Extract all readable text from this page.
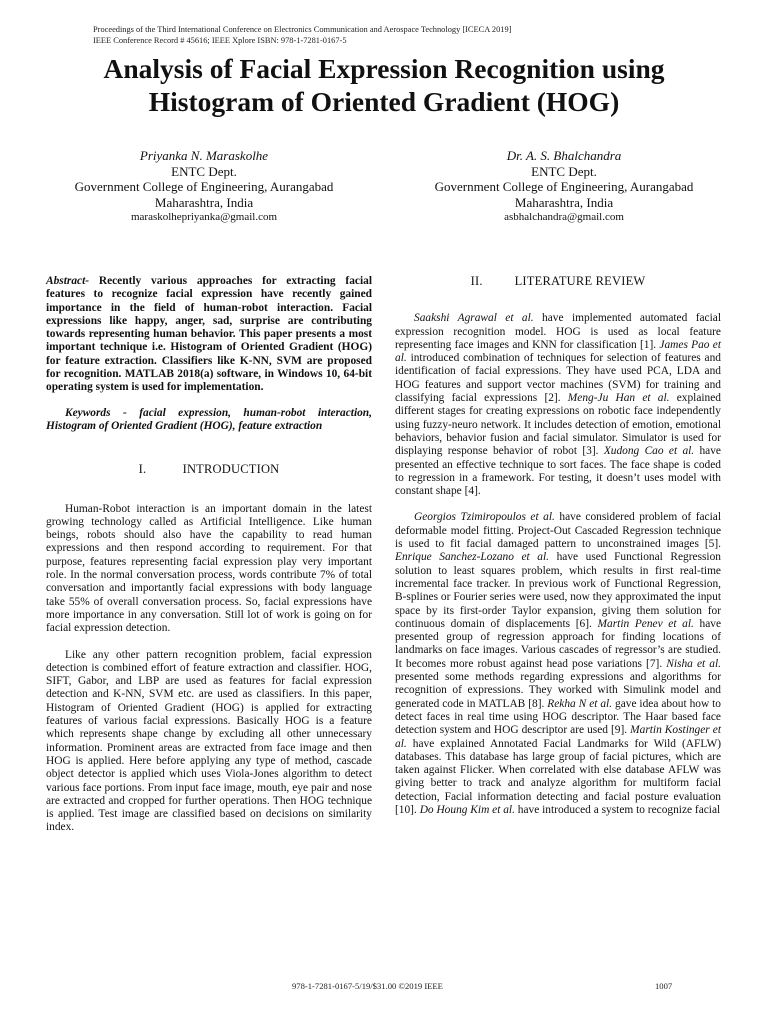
Proceedings of the Third International Conference on Electronics Communication and Aerospace Technology [ICECA 2019]
IEEE Conference Record # 45616; IEEE Xplore ISBN: 978-1-7281-0167-5
Analysis of Facial Expression Recognition using
Histogram of Oriented Gradient (HOG)
Priyanka N. Maraskolhe
ENTC Dept.
Government College of Engineering, Aurangabad
Maharashtra, India
maraskolhepriyanka@gmail.com
Dr. A. S. Bhalchandra
ENTC Dept.
Government College of Engineering, Aurangabad
Maharashtra, India
asbhalchandra@gmail.com

Abstract- Recently various approaches for extracting facial features to recognize facial expression have recently gained importance in the field of human-robot interaction. Facial expressions like happy, anger, sad, surprise are contributing towards representing human behavior. This paper presents a most important technique i.e. Histogram of Oriented Gradient (HOG) for feature extraction. Classifiers like K-NN, SVM are proposed for recognition. MATLAB 2018(a) software, in Windows 10, 64-bit operating system is used for implementation.

Keywords - facial expression, human-robot interaction, Histogram of Oriented Gradient (HOG), feature extraction

I.	INTRODUCTION

Human-Robot interaction is an important domain in the latest growing technology called as Artificial Intelligence. Like human beings, robots should also have the capability to read human expressions and then respond according to requirement. For that purpose, features representing facial expression play very important role. In the normal conversation process, words contribute 7% of total conversation and importantly facial expressions with body language take 55% of overall conversation process. So, facial expressions have more importance in any conversation. Still lot of work is going on for facial expression detection.

Like any other pattern recognition problem, facial expression detection is combined effort of feature extraction and classifier. HOG, SIFT, Gabor, and LBP are used as features for facial expression detection and K-NN, SVM etc. are used as classifiers. In this paper, Histogram of Oriented Gradient (HOG) is applied for extracting features of various facial expressions. Basically HOG is a feature which represents shape change by excluding all other unnecessary information. Prominent areas are extracted from face image and then HOG is applied. Here before applying any type of method, cascade object detector is applied which uses Viola-Jones algorithm to detect various face portions. From input face image, mouth, eye pair and nose are extracted and cropped for further operations. Then HOG technique is applied. Test image are classified based on decisions on similarity index.

II.	LITERATURE REVIEW

Saakshi Agrawal et al. have implemented automated facial expression recognition model. HOG is used as local feature representing face images and KNN for classification [1]. James Pao et al. introduced combination of techniques for selection of features and identification of facial expressions. They have used PCA, LDA and HOG features and support vector machines (SVM) for training and classifying facial expressions [2]. Meng-Ju Han et al. explained different stages for creating expressions on robotic face independently using fuzzy-neuro network. It includes detection of emotion, emotional behaviors, behavior fusion and facial simulator. Simulator is used for displaying response behavior of robot [3]. Xudong Cao et al. have presented an effective technique to sort faces. The face shape is coded to regression in a framework. For testing, it doesn’t uses model with constant shape [4].

Georgios Tzimiropoulos et al. have considered problem of facial deformable model fitting. Project-Out Cascaded Regression technique is used to fit facial damaged pattern to unconstrained images [5]. Enrique Sanchez-Lozano et al. have used Functional Regression solution to least squares problem, which results in first real-time incremental face tracker. In previous work of Functional Regression, B-splines or Fourier series were used, now they approximated the input space by its first-order Taylor expansion, giving them solution for continuous domain of displacements [6]. Martin Penev et al. have presented group of regression approach for finding locations of landmarks on face images. Various cascades of regressor’s are studied. It becomes more robust against head pose variations [7]. Nisha et al. presented some methods regarding expressions and algorithms for recognition of expressions. They worked with Simulink model and generated code in MATLAB [8]. Rekha N et al. gave idea about how to detect faces in real time using HOG descriptor. The Haar based face detection system and HOG descriptor are used [9]. Martin Kostinger et al. have explained Annotated Facial Landmarks for Wild (AFLW) databases. This database has large group of facial pictures, which are taken against Flicker. When correlated with else database AFLW was giving better to track and analyze algorithm for multiform facial detection, Facial information detecting and facial posture evaluation [10]. Do Houng Kim et al. have introduced a system to recognize facial

978-1-7281-0167-5/19/$31.00 ©2019 IEEE	1007
